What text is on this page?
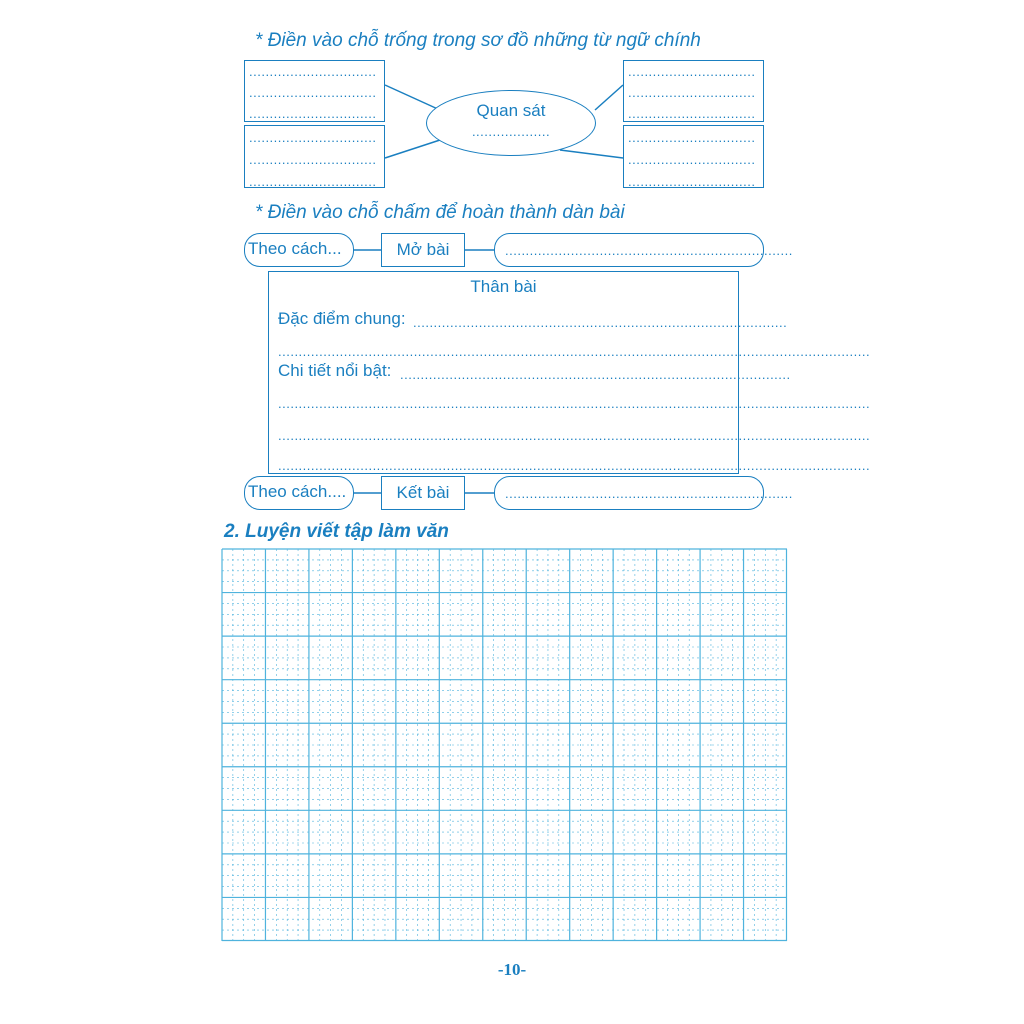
* Điền vào chỗ trống trong sơ đồ những từ ngữ chính
...............................
...............................
...............................
...............................
...............................
...............................
...............................
...............................
...............................
...............................
...............................
...............................
Quan sát
...................
* Điền vào chỗ chấm để hoàn thành dàn bài
Theo cách...	Mở bài	......................................................................
Thân bài
Đặc điểm chung: ...........................................................................................
................................................................................................................................................
Chi tiết nổi bật: ...............................................................................................
................................................................................................................................................
................................................................................................................................................
................................................................................................................................................
Theo cách....	Kết bài	......................................................................
2. Luyện viết tập làm văn
-10-
